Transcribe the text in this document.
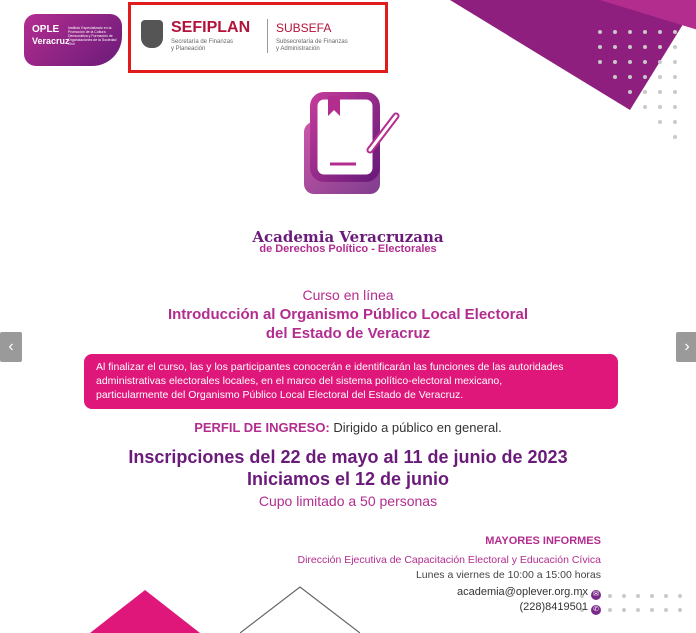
OPLE
Veracruz
Instituto Especializado en la Promoción de la Cultura Democrática y Formación de Organizaciones de la Sociedad Civil
SEFIPLAN
Secretaría de Finanzas
y Planeación
SUBSEFA
Subsecretaría de Finanzas
y Administración
Academia Veracruzana
de Derechos Político - Electorales
Curso en línea
Introducción al Organismo Público Local Electoral
del Estado de Veracruz
Al finalizar el curso, las y los participantes conocerán e identificarán las funciones de las autoridades
administrativas electorales locales, en el marco del sistema político-electoral mexicano,
particularmente del Organismo Público Local Electoral del Estado de Veracruz.
PERFIL DE INGRESO: Dirigido a público en general.
Inscripciones del 22 de mayo al 11 de junio de 2023
Iniciamos el 12 de junio
Cupo limitado a 50 personas
MAYORES INFORMES
Dirección Ejecutiva de Capacitación Electoral y Educación Cívica
Lunes a viernes de 10:00 a 15:00 horas
academia@oplever.org.mx ✉
(228)8419501 ✆
‹	›
